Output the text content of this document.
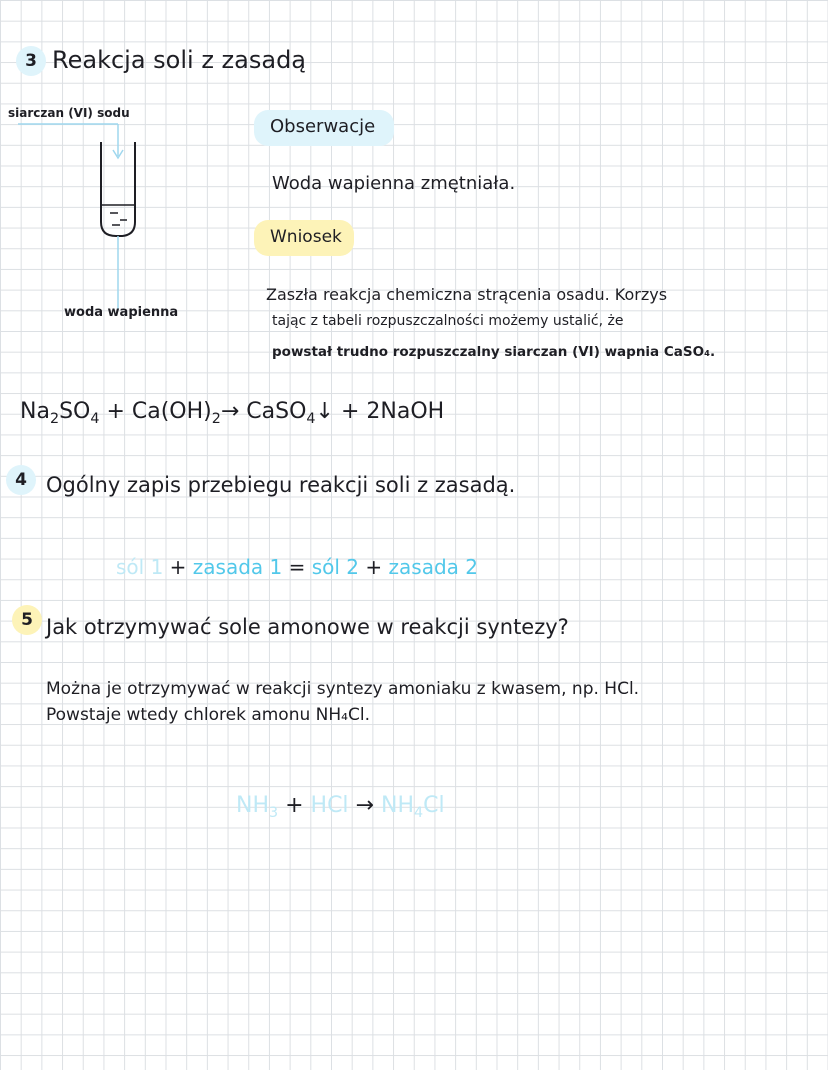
3 Reakcja soli z zasadą
siarczan (VI) sodu
woda wapienna
Obserwacje
Woda wapienna zmętniała.
Wniosek
Zaszła reakcja chemiczna strącenia osadu. Korzys
tając z tabeli rozpuszczalności możemy ustalić, że
powstał trudno rozpuszczalny siarczan (VI) wapnia CaSO₄.
$Na_2SO_4 + Ca(OH)_2\to$ CaSO$_4$↓ + 2NaOH
4 Ogólny zapis przebiegu reakcji soli z zasadą.
sól 1 + zasada 1 = sól 2 + zasada 2
5 Jak otrzymywać sole amonowe w reakcji syntezy?
Można je otrzymywać w reakcji syntezy amoniaku z kwasem, np. HCl.
Powstaje wtedy chlorek amonu NH₄Cl.
$NH_3$ + HCl → $NH_4Cl$
